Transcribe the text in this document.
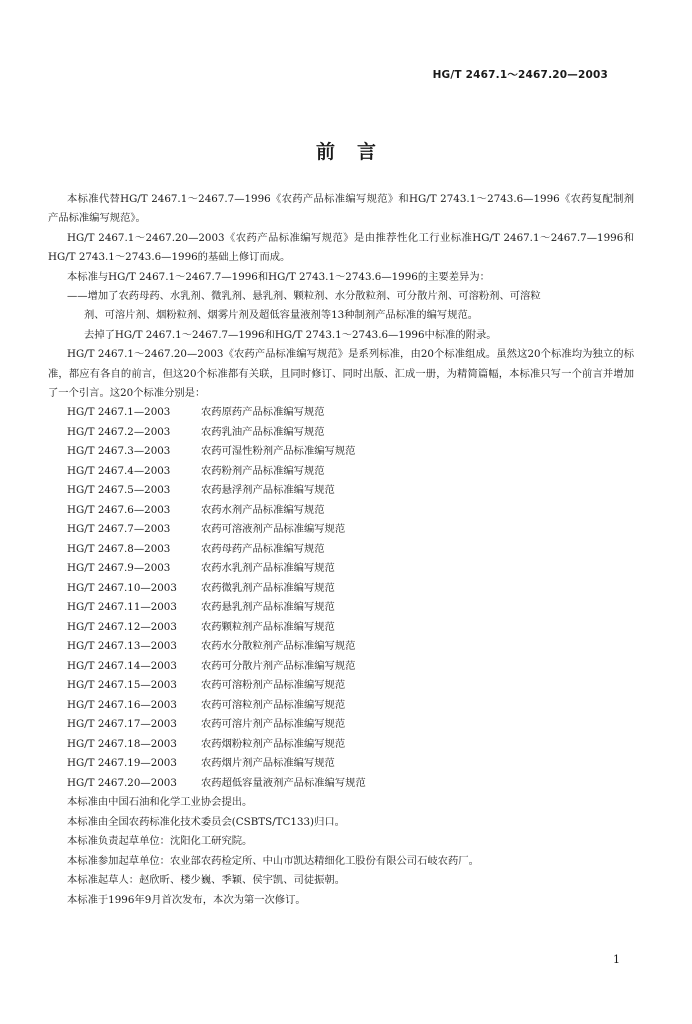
HG/T 2467.1～2467.20—2003
前言

本标准代替HG/T 2467.1～2467.7—1996《农药产品标准编写规范》和HG/T 2743.1～2743.6—1996《农药复配制剂产品标准编写规范》。

HG/T 2467.1～2467.20—2003《农药产品标准编写规范》是由推荐性化工行业标准HG/T 2467.1～2467.7—1996和HG/T 2743.1～2743.6—1996的基础上修订而成。

本标准与HG/T 2467.1～2467.7—1996和HG/T 2743.1～2743.6—1996的主要差异为：

——增加了农药母药、水乳剂、微乳剂、悬乳剂、颗粒剂、水分散粒剂、可分散片剂、可溶粉剂、可溶粒
剂、可溶片剂、烟粉粒剂、烟雾片剂及超低容量液剂等13种制剂产品标准的编写规范。

去掉了HG/T 2467.1～2467.7—1996和HG/T 2743.1～2743.6—1996中标准的附录。

HG/T 2467.1～2467.20—2003《农药产品标准编写规范》是系列标准，由20个标准组成。虽然这20个标准均为独立的标准，都应有各自的前言，但这20个标准都有关联，且同时修订、同时出版、汇成一册，为精简篇幅，本标准只写一个前言并增加了一个引言。这20个标准分别是：

HG/T 2467.1—2003	农药原药产品标准编写规范
HG/T 2467.2—2003	农药乳油产品标准编写规范
HG/T 2467.3—2003	农药可湿性粉剂产品标准编写规范
HG/T 2467.4—2003	农药粉剂产品标准编写规范
HG/T 2467.5—2003	农药悬浮剂产品标准编写规范
HG/T 2467.6—2003	农药水剂产品标准编写规范
HG/T 2467.7—2003	农药可溶液剂产品标准编写规范
HG/T 2467.8—2003	农药母药产品标准编写规范
HG/T 2467.9—2003	农药水乳剂产品标准编写规范
HG/T 2467.10—2003	农药微乳剂产品标准编写规范
HG/T 2467.11—2003	农药悬乳剂产品标准编写规范
HG/T 2467.12—2003	农药颗粒剂产品标准编写规范
HG/T 2467.13—2003	农药水分散粒剂产品标准编写规范
HG/T 2467.14—2003	农药可分散片剂产品标准编写规范
HG/T 2467.15—2003	农药可溶粉剂产品标准编写规范
HG/T 2467.16—2003	农药可溶粒剂产品标准编写规范
HG/T 2467.17—2003	农药可溶片剂产品标准编写规范
HG/T 2467.18—2003	农药烟粉粒剂产品标准编写规范
HG/T 2467.19—2003	农药烟片剂产品标准编写规范
HG/T 2467.20—2003	农药超低容量液剂产品标准编写规范

本标准由中国石油和化学工业协会提出。

本标准由全国农药标准化技术委员会(CSBTS/TC133)归口。

本标准负责起草单位：沈阳化工研究院。

本标准参加起草单位：农业部农药检定所、中山市凯达精细化工股份有限公司石岐农药厂。

本标准起草人：赵欣昕、楼少巍、季颖、侯宇凯、司徒振朝。

本标准于1996年9月首次发布，本次为第一次修订。

1
